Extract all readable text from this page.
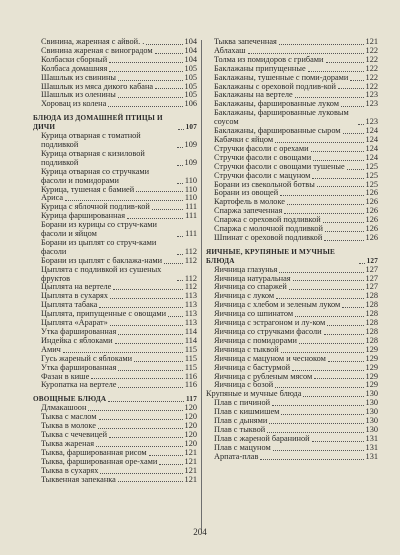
Свинина, жаренная с айвой. .	104
Свинина жареная с виноградом	104
Колбаски сборный	104
Колбаса домашняя	105
Шашлык из свинины	105
Шашлык из мяса дикого кабана	105
Шашлык из оленины	105
Хоровац из колена	106
БЛЮДА ИЗ ДОМАШНЕЙ ПТИЦЫ И ДИЧИ	107
Курица отварная с томатной подливкой	109
Курица отварная с кизиловой подливкой	109
Курица отварная со стручками фасоли и помидорами	110
Курица, тушеная с бамией	110
Ариса	110
Курица с яблочной подлив-кой	111
Курица фаршированная	111
Борани из курицы со струч-ками фасоли и яйцом	111
Борани из цыплят со струч-ками фасоли	112
Борани из цыплят с баклажа-нами	112
Цыплята с подливкой из сушеных фруктов	112
Цыплята на вертеле	112
Цыплята в сухарях	113
Цыплята табака	113
Цыплята, припущенные с овощами 113
Цыплята «Арарат»	113
Утка фаршированная	114
Индейка с яблоками	114
Амич	115
Гусь жареный с яблоками	115
Утка фаршированная	115
Фазан в кише	116
Куропатка на вертеле	116
ОВОЩНЫЕ БЛЮДА	117
Длмакашоон	120
Тыква с маслом	120
Тыква в молоке	120
Тыква с чечевицей	120
Тыква жареная	120
Тыква, фаршированная рисом	121
Тыква, фаршированная оре-хами	121
Тыква в сухарях	121
Тыквенная запеканка	121
Тыква запеченная	121
Аблахаш	122
Толма из помидоров с грибами	122
Баклажаны припущенные	122
Баклажаны, тушенные с поми-дорами 122
Баклажаны с ореховой подлив-кой	122
Баклажаны на вертеле	123
Баклажаны, фаршированные луком	123
Баклажаны, фаршированные луковым соусом	123
Баклажаны, фаршированные сыром	124
Кабачки с яйцом	124
Стручки фасоли с орехами	124
Стручки фасоли с овощами	124
Стручки фасоли с овощами тушеные	125
Стручки фасоли с мацуном	125
Борани из свекольной ботвы	125
Борани из овощей	126
Картофель в молоке	126
Спаржа запеченная	126
Спаржа с ореховой подливкой	126
Спаржа с молочной подливкой	126
Шпинат с ореховой подливкой	126
ЯИЧНЫЕ, КРУПЯНЫЕ И МУЧНЫЕ БЛЮДА	127
Яичница глазунья	127
Яичница натуральная	127
Яичница со спаржей	127
Яичница с луком	128
Яичница с хлебом и зеленым луком	128
Яичница со шпинатом	128
Яичница с эстрагоном и лу-ком	128
Яичница со стручками фасоли	128
Яичница с помидорами	128
Яичница с тыквой	129
Яичница с мацуном и чесноком	129
Яичница с бастурмой	129
Яичница с рубленым мясом	129
Яичница с бозой	129
Крупяные и мучные блюда	130
Плав с пичиной	130
Плав с кишмишем	130
Плав с дынями	130
Плав с тыквой	130
Плав с жареной бараниной	131
Плав с мацуном	131
Арпата-плав	131
204
